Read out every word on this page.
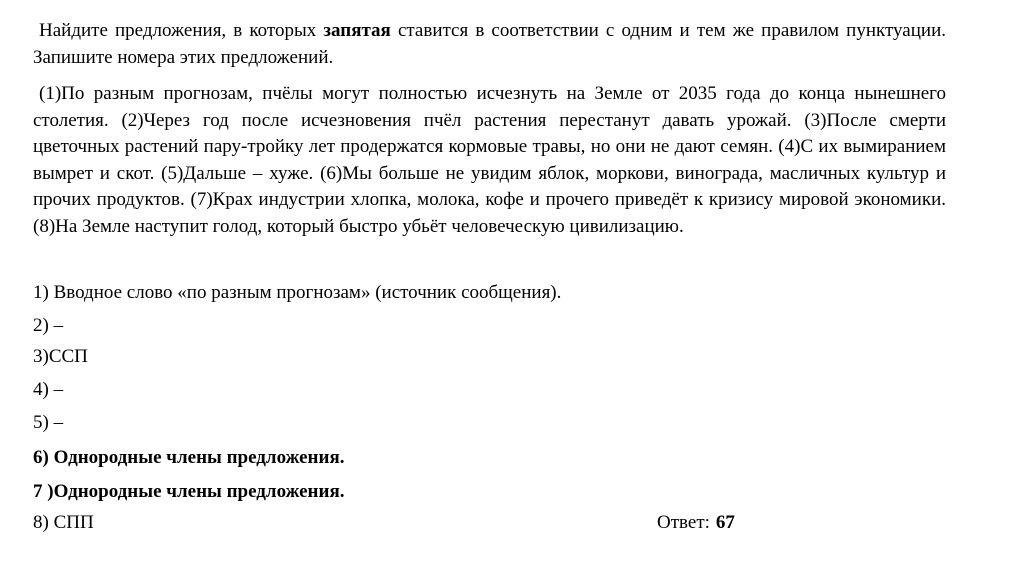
Найдите предложения, в которых запятая ставится в соответствии с одним и тем же правилом пунктуации. Запишите номера этих предложений.

(1)По разным прогнозам, пчёлы могут полностью исчезнуть на Земле от 2035 года до конца нынешнего столетия. (2)Через год после исчезновения пчёл растения перестанут давать урожай. (3)После смерти цветочных растений пару-тройку лет продержатся кормовые травы, но они не дают семян. (4)С их вымиранием вымрет и скот. (5)Дальше – хуже. (6)Мы больше не увидим яблок, моркови, винограда, масличных культур и прочих продуктов. (7)Крах индустрии хлопка, молока, кофе и прочего приведёт к кризису мировой экономики. (8)На Земле наступит голод, который быстро убьёт человеческую цивилизацию.

1) Вводное слово «по разным прогнозам» (источник сообщения).

2) –

3)ССП

4) –

5) –

6) Однородные члены предложения.

7 )Однородные члены предложения.

8) СПП	Ответ: 67
